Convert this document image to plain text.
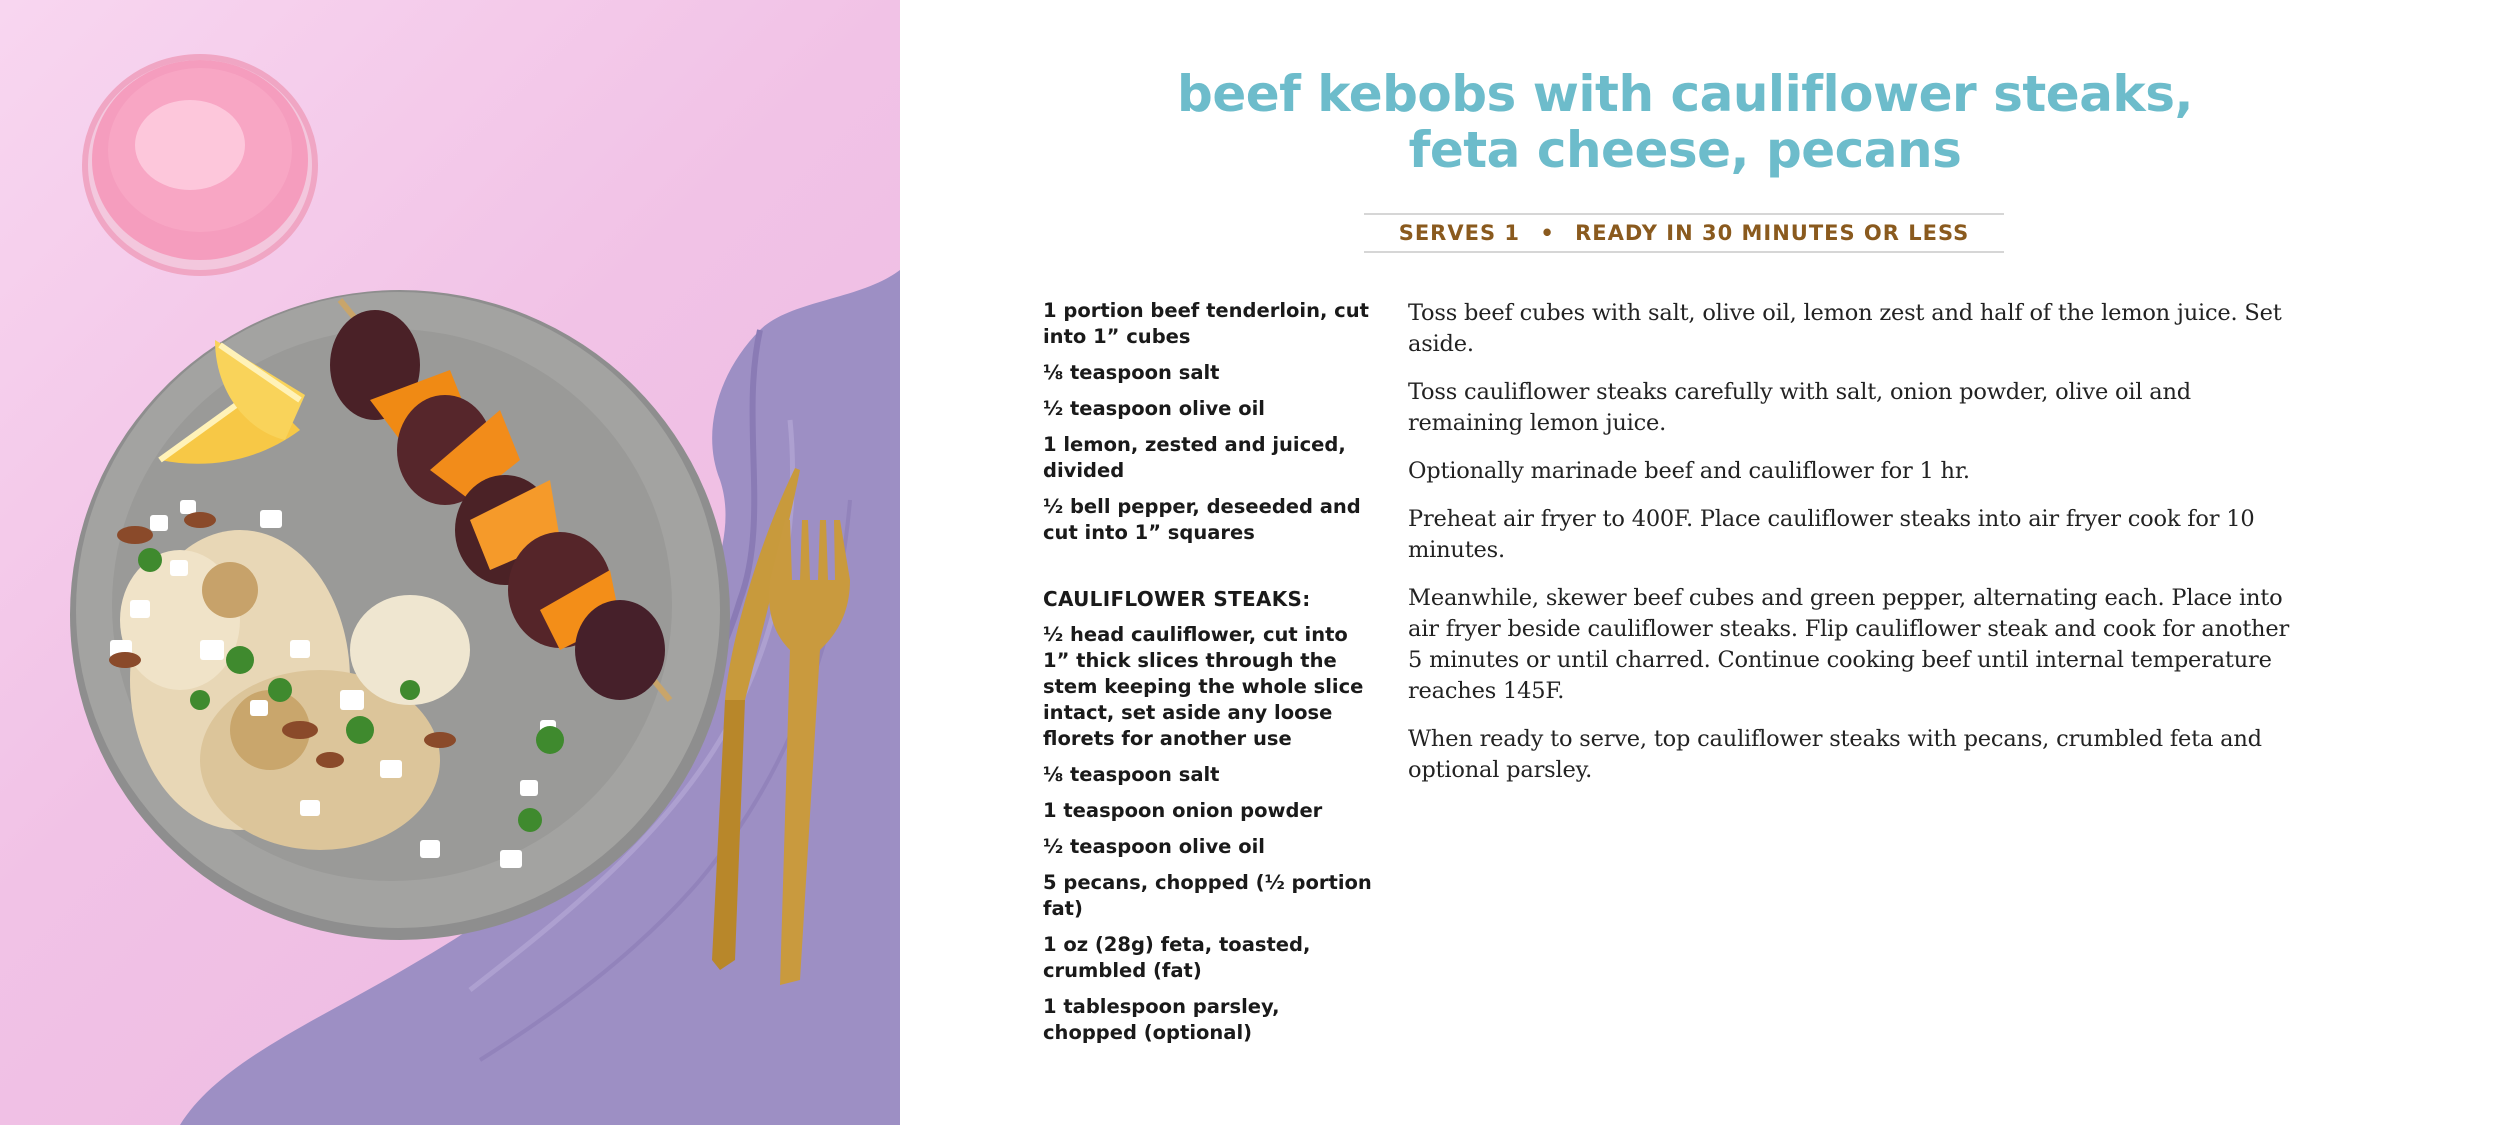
beef kebobs with cauliflower steaks,
feta cheese, pecans
SERVES 1 • READY IN 30 MINUTES OR LESS
1 portion beef tenderloin, cut into 1” cubes
⅛ teaspoon salt
½ teaspoon olive oil
1 lemon, zested and juiced, divided
½ bell pepper, deseeded and cut into 1” squares
CAULIFLOWER STEAKS:
½ head cauliflower, cut into 1” thick slices through the stem keeping the whole slice intact, set aside any loose florets for another use
⅛ teaspoon salt
1 teaspoon onion powder
½ teaspoon olive oil
5 pecans, chopped (½ portion fat)
1 oz (28g) feta, toasted, crumbled (fat)
1 tablespoon parsley, chopped (optional)

Toss beef cubes with salt, olive oil, lemon zest and half of the lemon juice. Set aside.

Toss cauliflower steaks carefully with salt, onion powder, olive oil and remaining lemon juice.

Optionally marinade beef and cauliflower for 1 hr.

Preheat air fryer to 400F. Place cauliflower steaks into air fryer cook for 10 minutes.

Meanwhile, skewer beef cubes and green pepper, alternating each. Place into air fryer beside cauliflower steaks. Flip cauliflower steak and cook for another 5 minutes or until charred. Continue cooking beef until internal temperature reaches 145F.

When ready to serve, top cauliflower steaks with pecans, crumbled feta and optional parsley.
